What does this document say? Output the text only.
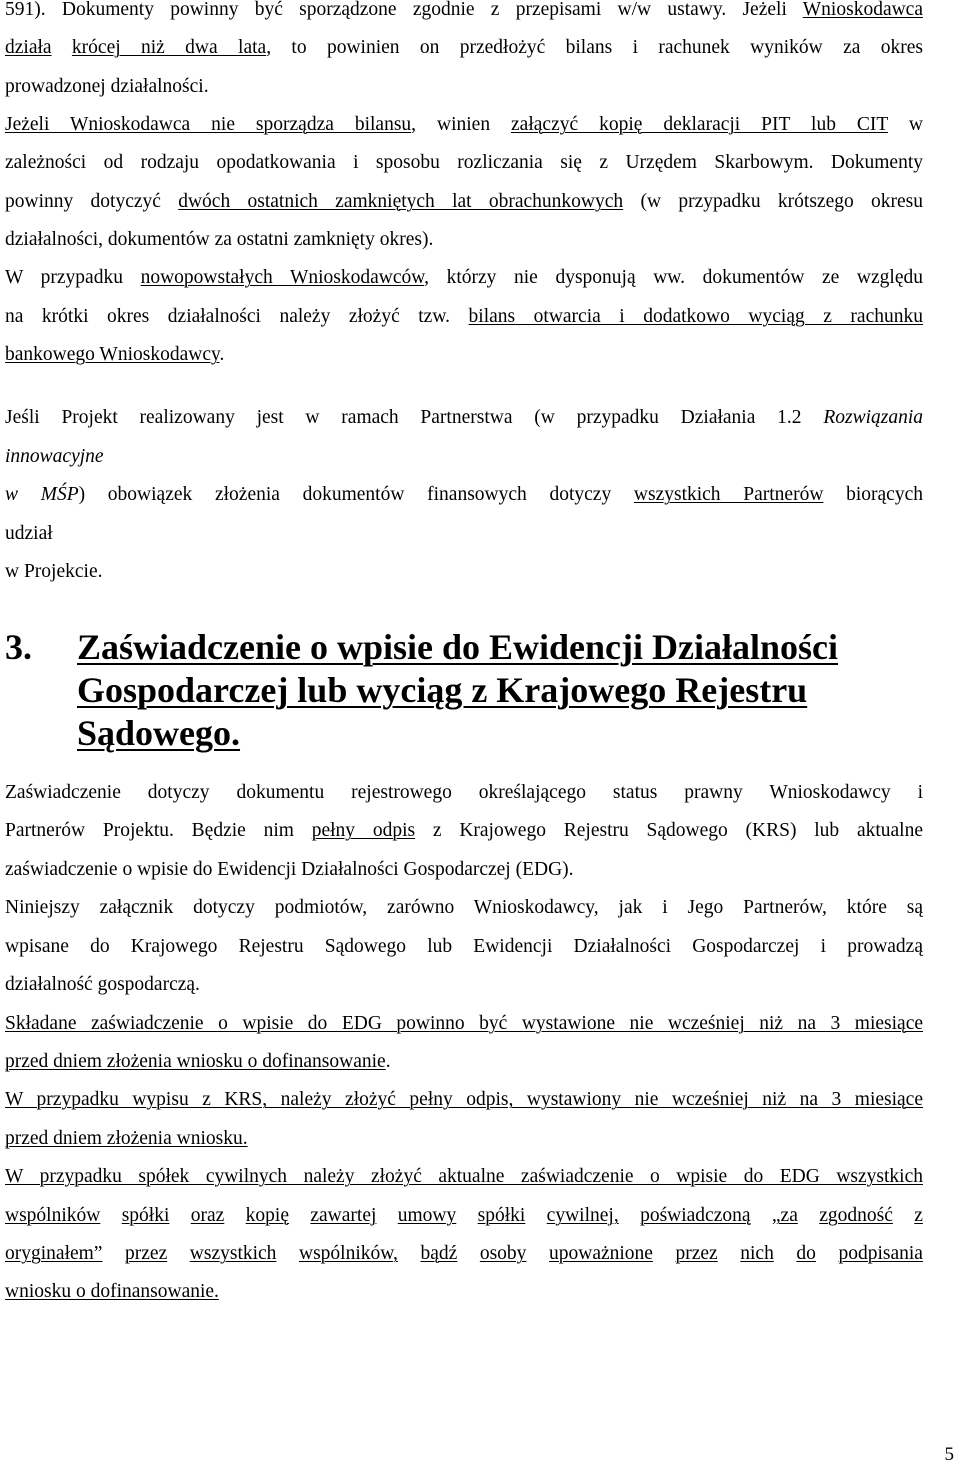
591). Dokumenty powinny być sporządzone zgodnie z przepisami w/w ustawy. Jeżeli Wnioskodawca
działa krócej niż dwa lata, to powinien on przedłożyć bilans i rachunek wyników za okres
prowadzonej działalności.
Jeżeli Wnioskodawca nie sporządza bilansu, winien załączyć kopię deklaracji PIT lub CIT w
zależności od rodzaju opodatkowania i sposobu rozliczania się z Urzędem Skarbowym. Dokumenty
powinny dotyczyć dwóch ostatnich zamkniętych lat obrachunkowych (w przypadku krótszego okresu
działalności, dokumentów za ostatni zamknięty okres).
W przypadku nowopowstałych Wnioskodawców, którzy nie dysponują ww. dokumentów ze względu
na krótki okres działalności należy złożyć tzw. bilans otwarcia i dodatkowo wyciąg z rachunku
bankowego Wnioskodawcy.
Jeśli Projekt realizowany jest w ramach Partnerstwa (w przypadku Działania 1.2 Rozwiązania
innowacyjne
w MŚP) obowiązek złożenia dokumentów finansowych dotyczy wszystkich Partnerów biorących
udział
w Projekcie.
3. Zaświadczenie o wpisie do Ewidencji Działalności
Gospodarczej lub wyciąg z Krajowego Rejestru
Sądowego.
Zaświadczenie dotyczy dokumentu rejestrowego określającego status prawny Wnioskodawcy i
Partnerów Projektu. Będzie nim pełny odpis z Krajowego Rejestru Sądowego (KRS) lub aktualne
zaświadczenie o wpisie do Ewidencji Działalności Gospodarczej (EDG).
Niniejszy załącznik dotyczy podmiotów, zarówno Wnioskodawcy, jak i Jego Partnerów, które są
wpisane do Krajowego Rejestru Sądowego lub Ewidencji Działalności Gospodarczej i prowadzą
działalność gospodarczą.
Składane zaświadczenie o wpisie do EDG powinno być wystawione nie wcześniej niż na 3 miesiące
przed dniem złożenia wniosku o dofinansowanie.
W przypadku wypisu z KRS, należy złożyć pełny odpis, wystawiony nie wcześniej niż na 3 miesiące
przed dniem złożenia wniosku.
W przypadku spółek cywilnych należy złożyć aktualne zaświadczenie o wpisie do EDG wszystkich
wspólników spółki oraz kopię zawartej umowy spółki cywilnej, poświadczoną „za zgodność z
oryginałem” przez wszystkich wspólników, bądź osoby upoważnione przez nich do podpisania
wniosku o dofinansowanie.
5
